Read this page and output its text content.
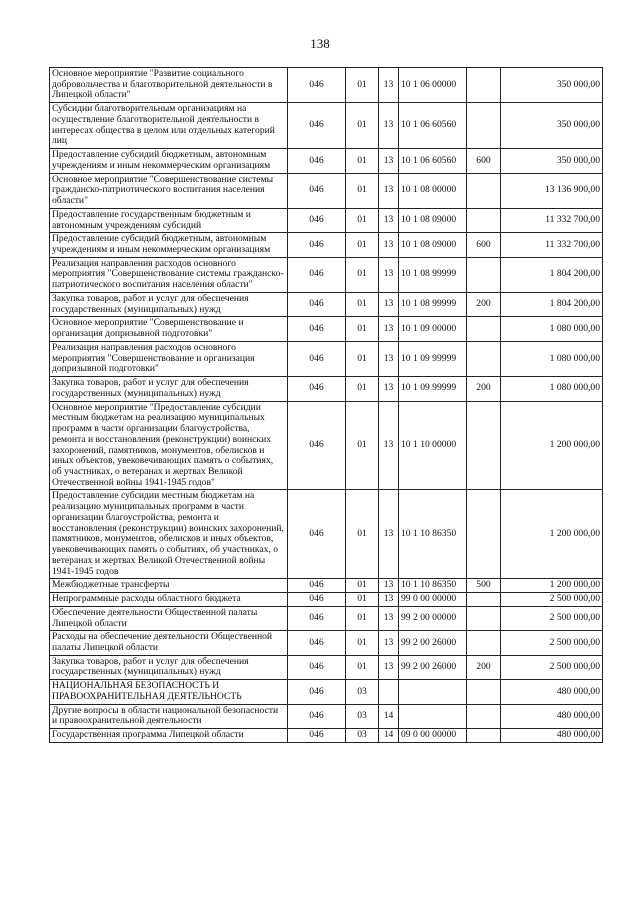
138
Основное мероприятие "Развитие социального добровольчества и благотворительной деятельности в Липецкой области"	046	01	13	10 1 06 00000		350 000,00
Субсидии благотворительным организациям на осуществление благотворительной деятельности в интересах общества в целом или отдельных категорий лиц	046	01	13	10 1 06 60560		350 000,00
Предоставление субсидий бюджетным, автономным учреждениям и иным некоммерческим организациям	046	01	13	10 1 06 60560	600	350 000,00
Основное мероприятие "Совершенствование системы гражданско-патриотического воспитания населения области"	046	01	13	10 1 08 00000		13 136 900,00
Предоставление государственным бюджетным и автономным учреждениям субсидий	046	01	13	10 1 08 09000		11 332 700,00
Предоставление субсидий бюджетным, автономным учреждениям и иным некоммерческим организациям	046	01	13	10 1 08 09000	600	11 332 700,00
Реализация направления расходов основного мероприятия "Совершенствование системы гражданско-патриотического воспитания населения области"	046	01	13	10 1 08 99999		1 804 200,00
Закупка товаров, работ и услуг для обеспечения государственных (муниципальных) нужд	046	01	13	10 1 08 99999	200	1 804 200,00
Основное мероприятие "Совершенствование и организация допризывной подготовки"	046	01	13	10 1 09 00000		1 080 000,00
Реализация направления расходов основного мероприятия "Совершенствование и организация допризывной подготовки"	046	01	13	10 1 09 99999		1 080 000,00
Закупка товаров, работ и услуг для обеспечения государственных (муниципальных) нужд	046	01	13	10 1 09 99999	200	1 080 000,00
Основное мероприятие "Предоставление субсидии местным бюджетам на реализацию муниципальных программ в части организации благоустройства, ремонта и восстановления (реконструкции) воинских захоронений, памятников, монументов, обелисков и иных объектов, увековечивающих память о событиях, об участниках, о ветеранах и жертвах Великой Отечественной войны 1941-1945 годов"	046	01	13	10 1 10 00000		1 200 000,00
Предоставление субсидии местным бюджетам на реализацию муниципальных программ в части организации благоустройства, ремонта и восстановления (реконструкции) воинских захоронений, памятников, монументов, обелисков и иных объектов, увековечивающих память о событиях, об участниках, о ветеранах и жертвах Великой Отечественной войны 1941-1945 годов	046	01	13	10 1 10 86350		1 200 000,00
Межбюджетные трансферты	046	01	13	10 1 10 86350	500	1 200 000,00
Непрограммные расходы областного бюджета	046	01	13	99 0 00 00000		2 500 000,00
Обеспечение деятельности Общественной палаты Липецкой области	046	01	13	99 2 00 00000		2 500 000,00
Расходы на обеспечение деятельности Общественной палаты Липецкой области	046	01	13	99 2 00 26000		2 500 000,00
Закупка товаров, работ и услуг для обеспечения государственных (муниципальных) нужд	046	01	13	99 2 00 26000	200	2 500 000,00
НАЦИОНАЛЬНАЯ БЕЗОПАСНОСТЬ И ПРАВООХРАНИТЕЛЬНАЯ ДЕЯТЕЛЬНОСТЬ	046	03				480 000,00
Другие вопросы в области национальной безопасности и правоохранительной деятельности	046	03	14			480 000,00
Государственная программа Липецкой области	046	03	14	09 0 00 00000		480 000,00
